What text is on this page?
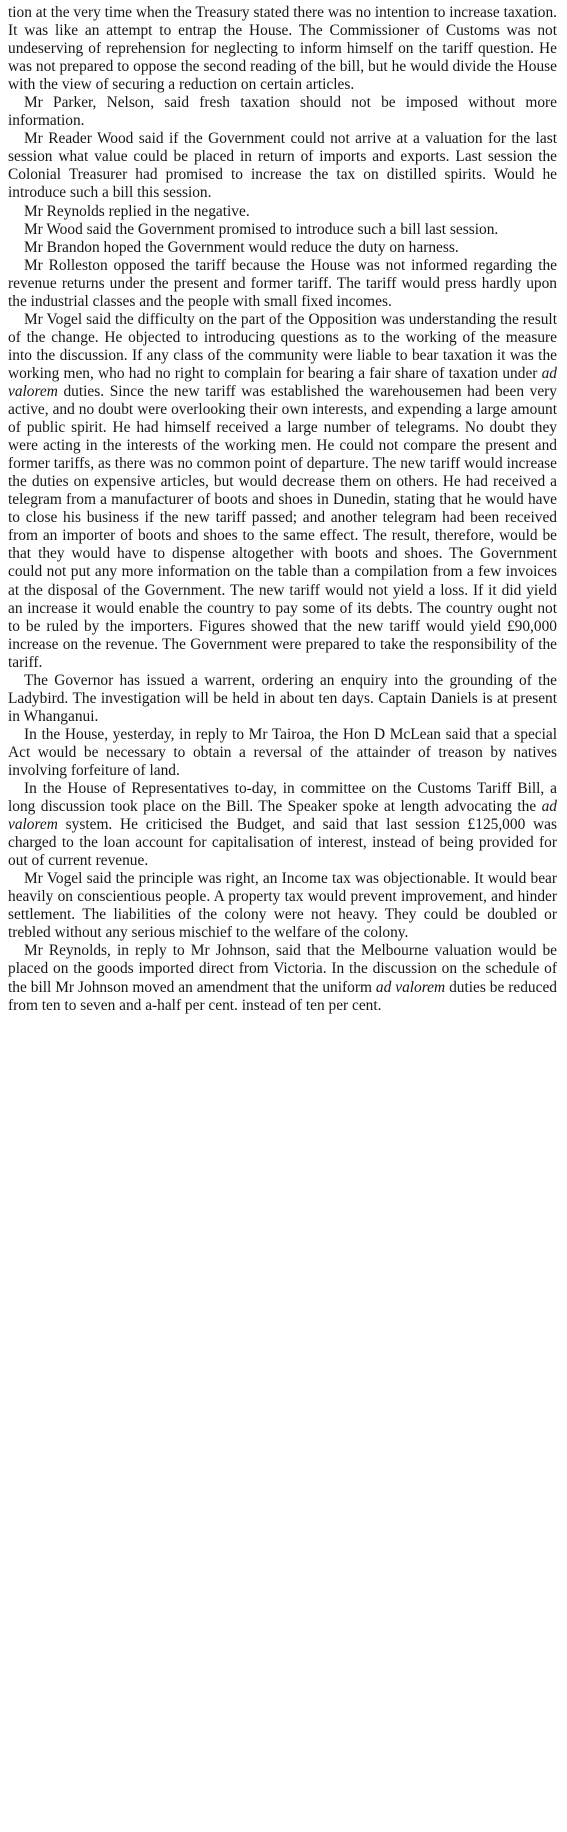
tion at the very time when the Treasury stated there was no intention to increase taxation. It was like an attempt to entrap the House. The Commissioner of Customs was not undeserving of reprehension for neglecting to inform himself on the tariff question. He was not prepared to oppose the second reading of the bill, but he would divide the House with the view of securing a reduction on certain articles.

Mr Parker, Nelson, said fresh taxation should not be imposed without more information.

Mr Reader Wood said if the Government could not arrive at a valuation for the last session what value could be placed in return of imports and exports. Last session the Colonial Treasurer had promised to increase the tax on distilled spirits. Would he introduce such a bill this session.

Mr Reynolds replied in the negative.

Mr Wood said the Government promised to introduce such a bill last session.

Mr Brandon hoped the Government would reduce the duty on harness.

Mr Rolleston opposed the tariff because the House was not informed regarding the revenue returns under the present and former tariff. The tariff would press hardly upon the industrial classes and the people with small fixed incomes.

Mr Vogel said the difficulty on the part of the Opposition was understanding the result of the change. He objected to introducing questions as to the working of the measure into the discussion. If any class of the community were liable to bear taxation it was the working men, who had no right to complain for bearing a fair share of taxation under ad valorem duties. Since the new tariff was established the warehousemen had been very active, and no doubt were overlooking their own interests, and expending a large amount of public spirit. He had himself received a large number of telegrams. No doubt they were acting in the interests of the working men. He could not compare the present and former tariffs, as there was no common point of departure. The new tariff would increase the duties on expensive articles, but would decrease them on others. He had received a telegram from a manufacturer of boots and shoes in Dunedin, stating that he would have to close his business if the new tariff passed; and another telegram had been received from an importer of boots and shoes to the same effect. The result, therefore, would be that they would have to dispense altogether with boots and shoes. The Government could not put any more information on the table than a compilation from a few invoices at the disposal of the Government. The new tariff would not yield a loss. If it did yield an increase it would enable the country to pay some of its debts. The country ought not to be ruled by the importers. Figures showed that the new tariff would yield £90,000 increase on the revenue. The Government were prepared to take the responsibility of the tariff.

The Governor has issued a warrent, ordering an enquiry into the grounding of the Ladybird. The investigation will be held in about ten days. Captain Daniels is at present in Whanganui.

In the House, yesterday, in reply to Mr Tairoa, the Hon D McLean said that a special Act would be necessary to obtain a reversal of the attainder of treason by natives involving forfeiture of land.

In the House of Representatives to-day, in committee on the Customs Tariff Bill, a long discussion took place on the Bill. The Speaker spoke at length advocating the ad valorem system. He criticised the Budget, and said that last session £125,000 was charged to the loan account for capitalisation of interest, instead of being provided for out of current revenue.

Mr Vogel said the principle was right, an Income tax was objectionable. It would bear heavily on conscientious people. A property tax would prevent improvement, and hinder settlement. The liabilities of the colony were not heavy. They could be doubled or trebled without any serious mischief to the welfare of the colony.

Mr Reynolds, in reply to Mr Johnson, said that the Melbourne valuation would be placed on the goods imported direct from Victoria. In the discussion on the schedule of the bill Mr Johnson moved an amendment that the uniform ad valorem duties be reduced from ten to seven and a-half per cent. instead of ten per cent.
